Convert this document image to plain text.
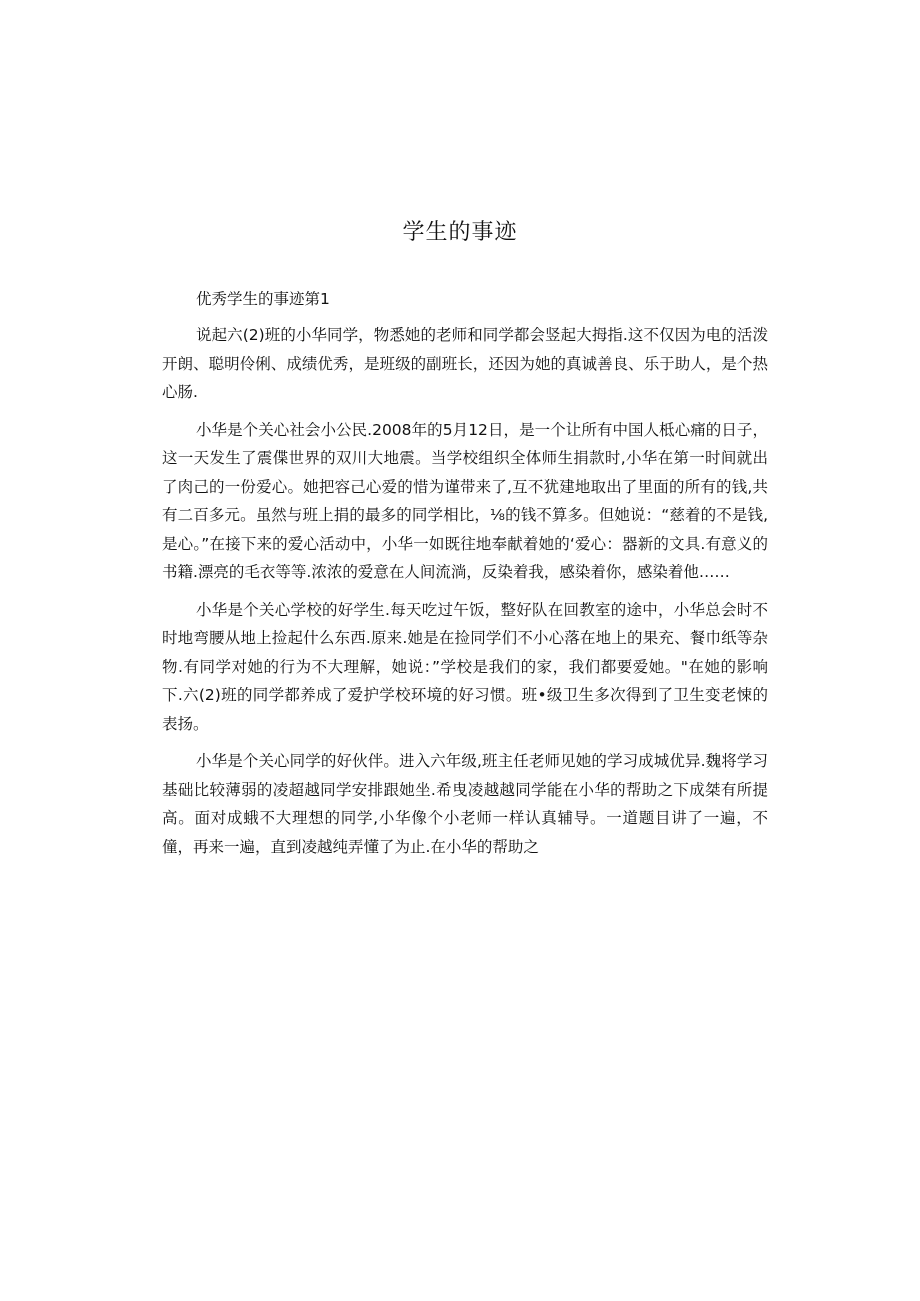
学生的事迹
优秀学生的事迹第1

说起六(2)班的小华同学，物悉她的老师和同学都会竖起大拇指.这不仅因为电的活泼开朗、聪明伶俐、成绩优秀，是班级的副班长，还因为她的真诚善良、乐于助人，是个热心肠.

小华是个关心社会小公民.2008年的5月12日，是一个让所有中国人柢心痛的日子，这一天发生了震偞世界的双川大地震。当学校组织全体师生捐款时,小华在第一时间就出了肉己的一份爱心。她把容己心爱的惜为谨带来了,互不犹建地取出了里面的所有的钱,共有二百多元。虽然与班上捐的最多的同学相比，⅛的钱不算多。但她说：“慈着的不是钱,是心。”在接下来的爱心活动中，小华一如既往地奉献着她的‘爱心：器新的文具.有意义的书籍.漂亮的毛衣等等.浓浓的爱意在人间流淌，反染着我，感染着你，感染着他……

小华是个关心学校的好学生.每天吃过午饭，整好队在回教室的途中，小华总会时不时地弯腰从地上捡起什么东西.原来.她是在捡同学们不小心落在地上的果充、餐巾纸等杂物.有同学对她的行为不大理解，她说：”学校是我们的家，我们都要爱她。"在她的影响下.六(2)班的同学都养成了爱护学校环境的好习惯。班•级卫生多次得到了卫生变老悚的表扬。

小华是个关心同学的好伙伴。进入六年级,班主任老师见她的学习成城优异.魏将学习基础比较薄弱的凌超越同学安排跟她坐.希曳凌越越同学能在小华的帮助之下成桀有所提高。面对成蛾不大理想的同学,小华像个小老师一样认真辅导。一道题目讲了一遍，不僮，再来一遍，直到凌越纯弄懂了为止.在小华的帮助之
